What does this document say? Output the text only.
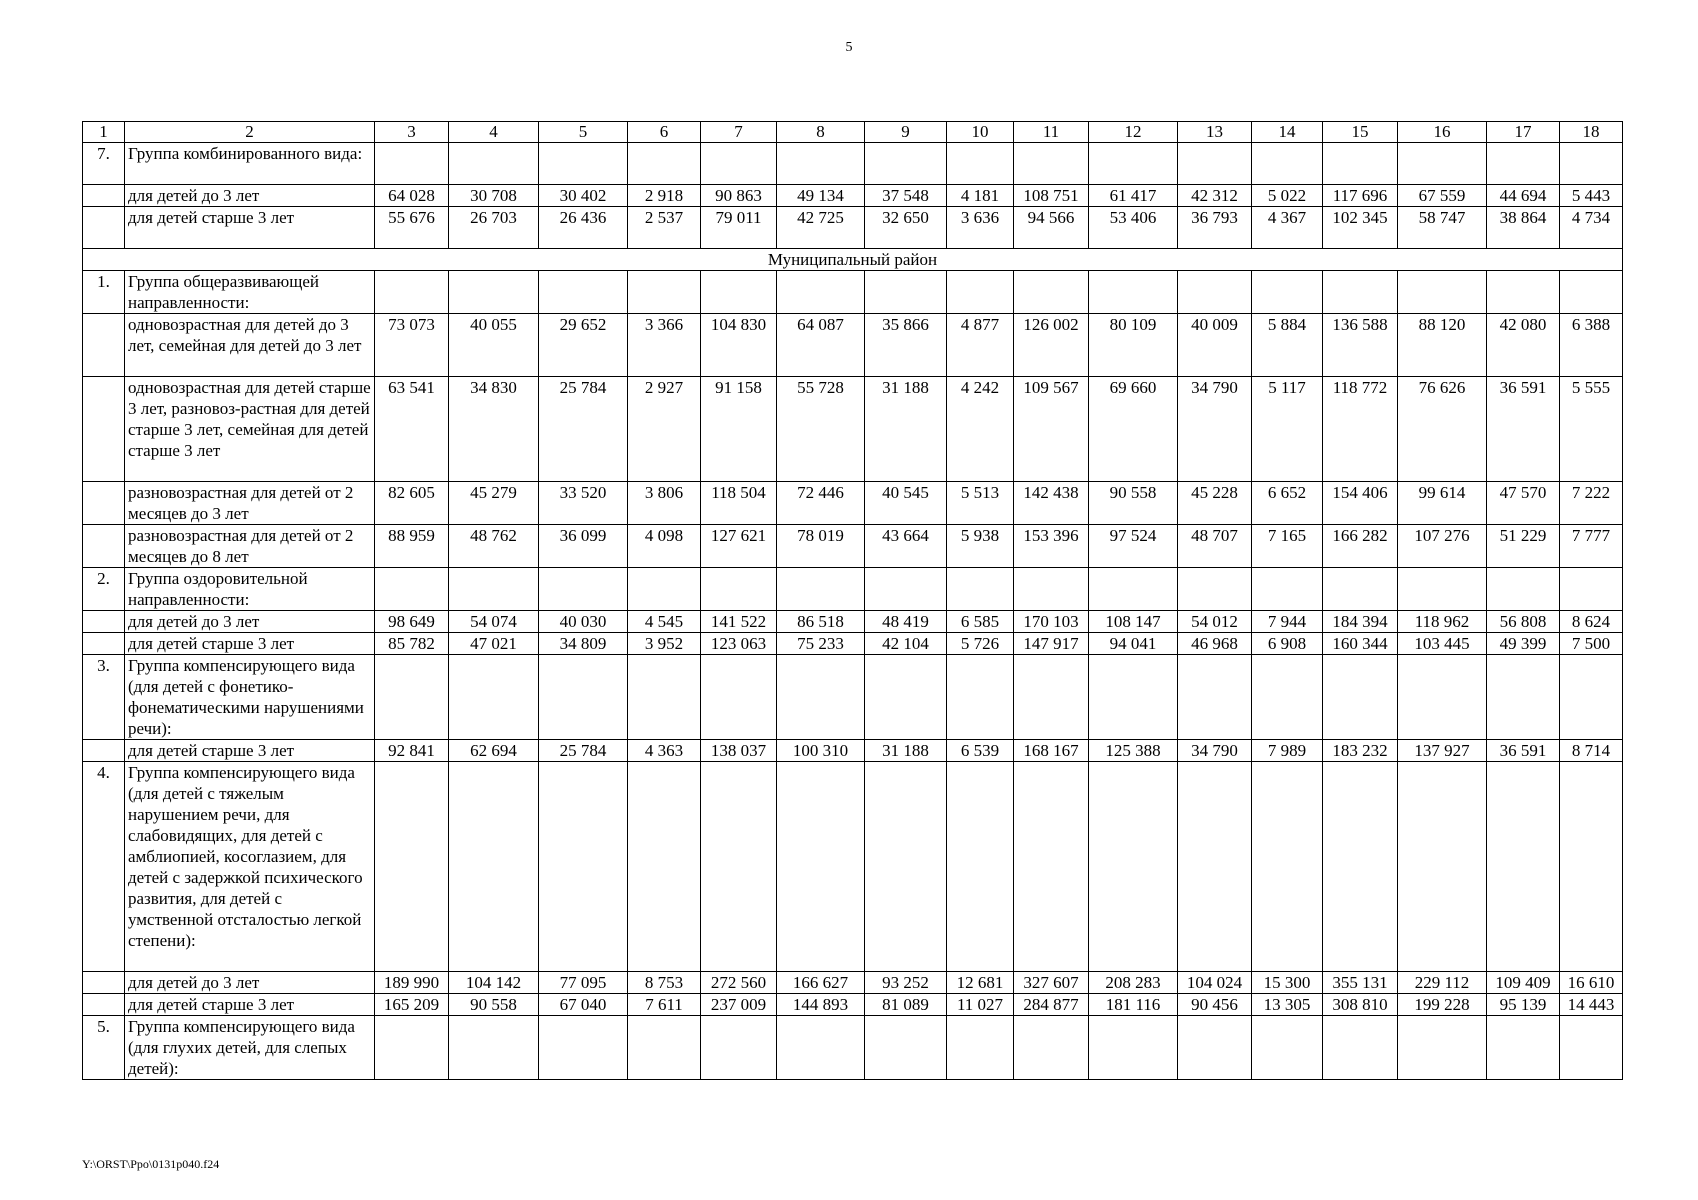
5
1	2	3	4	5	6	7	8	9	10	11	12	13	14	15	16	17	18
7.	Группа комбинированного вида:																
	для детей до 3 лет	64 028	30 708	30 402	2 918	90 863	49 134	37 548	4 181	108 751	61 417	42 312	5 022	117 696	67 559	44 694	5 443
	для детей старше 3 лет	55 676	26 703	26 436	2 537	79 011	42 725	32 650	3 636	94 566	53 406	36 793	4 367	102 345	58 747	38 864	4 734
Муниципальный район																	
1.	Группа общеразвивающей направленности:																
	одновозрастная для детей до 3 лет, семейная для детей до 3 лет	73 073	40 055	29 652	3 366	104 830	64 087	35 866	4 877	126 002	80 109	40 009	5 884	136 588	88 120	42 080	6 388
	одновозрастная для детей старше 3 лет, разновоз-растная для детей старше 3 лет, семейная для детей старше 3 лет	63 541	34 830	25 784	2 927	91 158	55 728	31 188	4 242	109 567	69 660	34 790	5 117	118 772	76 626	36 591	5 555
	разновозрастная для детей от 2 месяцев до 3 лет	82 605	45 279	33 520	3 806	118 504	72 446	40 545	5 513	142 438	90 558	45 228	6 652	154 406	99 614	47 570	7 222
	разновозрастная для детей от 2 месяцев до 8 лет	88 959	48 762	36 099	4 098	127 621	78 019	43 664	5 938	153 396	97 524	48 707	7 165	166 282	107 276	51 229	7 777
2.	Группа оздоровительной направленности:																
	для детей до 3 лет	98 649	54 074	40 030	4 545	141 522	86 518	48 419	6 585	170 103	108 147	54 012	7 944	184 394	118 962	56 808	8 624
	для детей старше 3 лет	85 782	47 021	34 809	3 952	123 063	75 233	42 104	5 726	147 917	94 041	46 968	6 908	160 344	103 445	49 399	7 500
3.	Группа компенсирующего вида (для детей с фонетико-фонематическими нарушениями речи):																
	для детей старше 3 лет	92 841	62 694	25 784	4 363	138 037	100 310	31 188	6 539	168 167	125 388	34 790	7 989	183 232	137 927	36 591	8 714
4.	Группа компенсирующего вида (для детей с тяжелым нарушением речи, для слабовидящих, для детей с амблиопией, косоглазием, для детей с задержкой психического развития, для детей с умственной отсталостью легкой степени):																
	для детей до 3 лет	189 990	104 142	77 095	8 753	272 560	166 627	93 252	12 681	327 607	208 283	104 024	15 300	355 131	229 112	109 409	16 610
	для детей старше 3 лет	165 209	90 558	67 040	7 611	237 009	144 893	81 089	11 027	284 877	181 116	90 456	13 305	308 810	199 228	95 139	14 443
5.	Группа компенсирующего вида (для глухих детей, для слепых детей):																
Y:\ORST\Ppo\0131p040.f24
